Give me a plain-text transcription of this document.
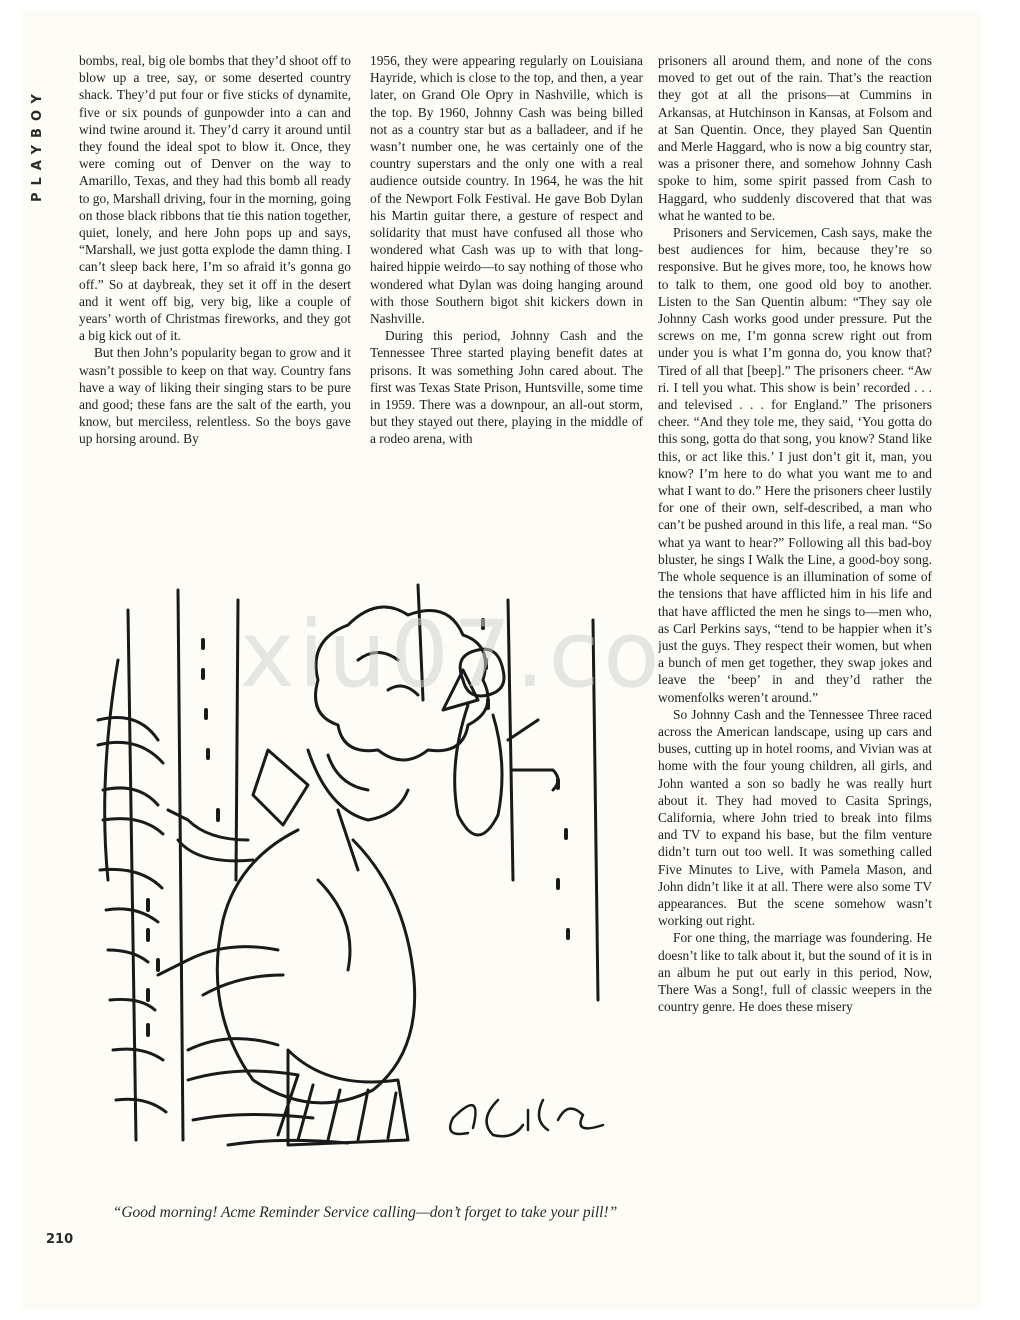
PLAYBOY

bombs, real, big ole bombs that they’d shoot off to blow up a tree, say, or some deserted country shack. They’d put four or five sticks of dynamite, five or six pounds of gunpowder into a can and wind twine around it. They’d carry it around until they found the ideal spot to blow it. Once, they were coming out of Denver on the way to Amarillo, Texas, and they had this bomb all ready to go, Marshall driving, four in the morning, going on those black ribbons that tie this nation together, quiet, lonely, and here John pops up and says, “Marshall, we just gotta explode the damn thing. I can’t sleep back here, I’m so afraid it’s gonna go off.” So at daybreak, they set it off in the desert and it went off big, very big, like a couple of years’ worth of Christmas fireworks, and they got a big kick out of it.

But then John’s popularity began to grow and it wasn’t possible to keep on that way. Country fans have a way of liking their singing stars to be pure and good; these fans are the salt of the earth, you know, but merciless, relentless. So the boys gave up horsing around. By

1956, they were appearing regularly on Louisiana Hayride, which is close to the top, and then, a year later, on Grand Ole Opry in Nashville, which is the top. By 1960, Johnny Cash was being billed not as a country star but as a balladeer, and if he wasn’t number one, he was certainly one of the country superstars and the only one with a real audience outside country. In 1964, he was the hit of the Newport Folk Festival. He gave Bob Dylan his Martin guitar there, a gesture of respect and solidarity that must have confused all those who wondered what Cash was up to with that long-haired hippie weirdo—to say nothing of those who wondered what Dylan was doing hanging around with those Southern bigot shit kickers down in Nashville.

During this period, Johnny Cash and the Tennessee Three started playing benefit dates at prisons. It was something John cared about. The first was Texas State Prison, Huntsville, some time in 1959. There was a downpour, an all-out storm, but they stayed out there, playing in the middle of a rodeo arena, with

prisoners all around them, and none of the cons moved to get out of the rain. That’s the reaction they got at all the prisons—at Cummins in Arkansas, at Hutchinson in Kansas, at Folsom and at San Quentin. Once, they played San Quentin and Merle Haggard, who is now a big country star, was a prisoner there, and somehow Johnny Cash spoke to him, some spirit passed from Cash to Haggard, who suddenly discovered that that was what he wanted to be.

Prisoners and Servicemen, Cash says, make the best audiences for him, because they’re so responsive. But he gives more, too, he knows how to talk to them, one good old boy to another. Listen to the San Quentin album: “They say ole Johnny Cash works good under pressure. Put the screws on me, I’m gonna screw right out from under you is what I’m gonna do, you know that? Tired of all that [beep].” The prisoners cheer. “Aw ri. I tell you what. This show is bein’ recorded . . . and televised . . . for England.” The prisoners cheer. “And they tole me, they said, ‘You gotta do this song, gotta do that song, you know? Stand like this, or act like this.’ I just don’t git it, man, you know? I’m here to do what you want me to and what I want to do.” Here the prisoners cheer lustily for one of their own, self-described, a man who can’t be pushed around in this life, a real man. “So what ya want to hear?” Following all this bad-boy bluster, he sings I Walk the Line, a good-boy song. The whole sequence is an illumination of some of the tensions that have afflicted him in his life and that have afflicted the men he sings to—men who, as Carl Perkins says, “tend to be happier when it’s just the guys. They respect their women, but when a bunch of men get together, they swap jokes and leave the ‘beep’ in and they’d rather the womenfolks weren’t around.”

So Johnny Cash and the Tennessee Three raced across the American landscape, using up cars and buses, cutting up in hotel rooms, and Vivian was at home with the four young children, all girls, and John wanted a son so badly he was really hurt about it. They had moved to Casita Springs, California, where John tried to break into films and TV to expand his base, but the film venture didn’t turn out too well. It was something called Five Minutes to Live, with Pamela Mason, and John didn’t like it at all. There were also some TV appearances. But the scene somehow wasn’t working out right.

For one thing, the marriage was foundering. He doesn’t like to talk about it, but the sound of it is in an album he put out early in this period, Now, There Was a Song!, full of classic weepers in the country genre. He does these misery

xiu07.co
“Good morning! Acme Reminder Service calling—don’t forget to take your pill!”
210
